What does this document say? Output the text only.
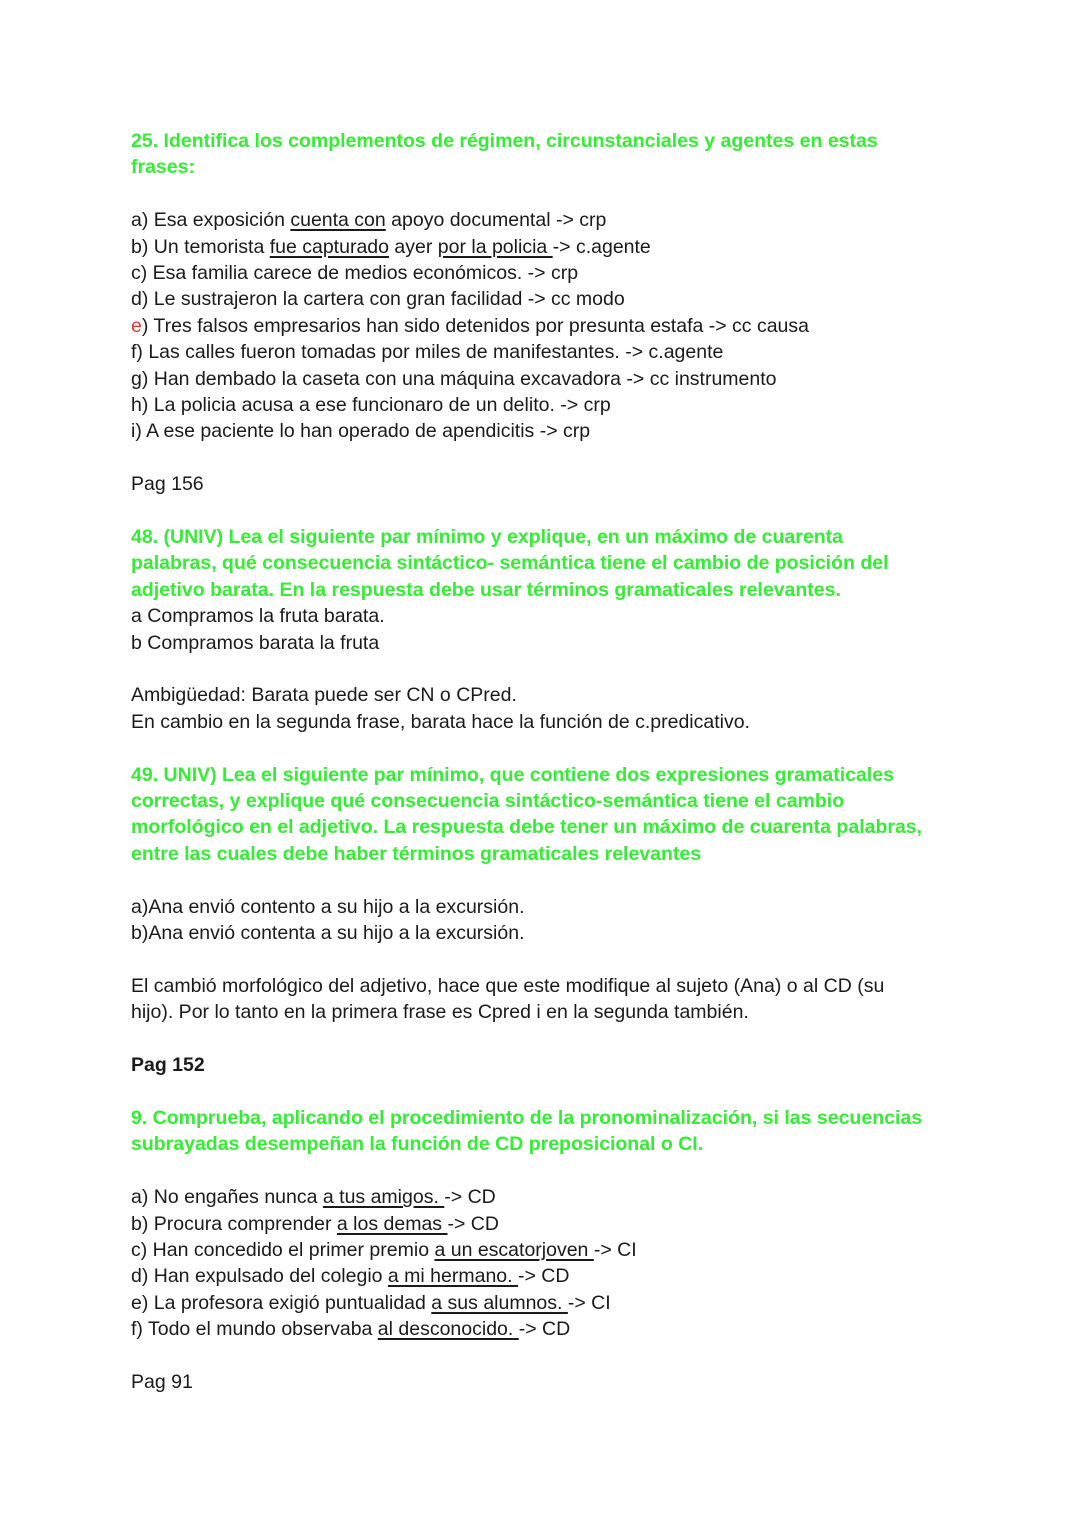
25. Identifica los complementos de régimen, circunstanciales y agentes en estas
frases:
a) Esa exposición cuenta con apoyo documental -> crp
b) Un temorista fue capturado ayer por la policia -> c.agente
c) Esa familia carece de medios económicos. -> crp
d) Le sustrajeron la cartera con gran facilidad -> cc modo
e) Tres falsos empresarios han sido detenidos por presunta estafa -> cc causa
f) Las calles fueron tomadas por miles de manifestantes. -> c.agente
g) Han dembado la caseta con una máquina excavadora -> cc instrumento
h) La policia acusa a ese funcionaro de un delito. -> crp
i) A ese paciente lo han operado de apendicitis -> crp
Pag 156
48. (UNIV) Lea el siguiente par mínimo y explique, en un máximo de cuarenta
palabras, qué consecuencia sintáctico- semántica tiene el cambio de posición del
adjetivo barata. En la respuesta debe usar términos gramaticales relevantes.
a Compramos la fruta barata.
b Compramos barata la fruta
Ambigüedad: Barata puede ser CN o CPred.
En cambio en la segunda frase, barata hace la función de c.predicativo.
49. UNIV) Lea el siguiente par mínimo, que contiene dos expresiones gramaticales
correctas, y explique qué consecuencia sintáctico-semántica tiene el cambio
morfológico en el adjetivo. La respuesta debe tener un máximo de cuarenta palabras,
entre las cuales debe haber términos gramaticales relevantes
a)Ana envió contento a su hijo a la excursión.
b)Ana envió contenta a su hijo a la excursión.
El cambió morfológico del adjetivo, hace que este modifique al sujeto (Ana) o al CD (su
hijo). Por lo tanto en la primera frase es Cpred i en la segunda también.
Pag 152
9. Comprueba, aplicando el procedimiento de la pronominalización, si las secuencias
subrayadas desempeñan la función de CD preposicional o CI.
a) No engañes nunca a tus amigos. -> CD
b) Procura comprender a los demas -> CD
c) Han concedido el primer premio a un escatorjoven -> CI
d) Han expulsado del colegio a mi hermano. -> CD
e) La profesora exigió puntualidad a sus alumnos. -> CI
f) Todo el mundo observaba al desconocido. -> CD
Pag 91
